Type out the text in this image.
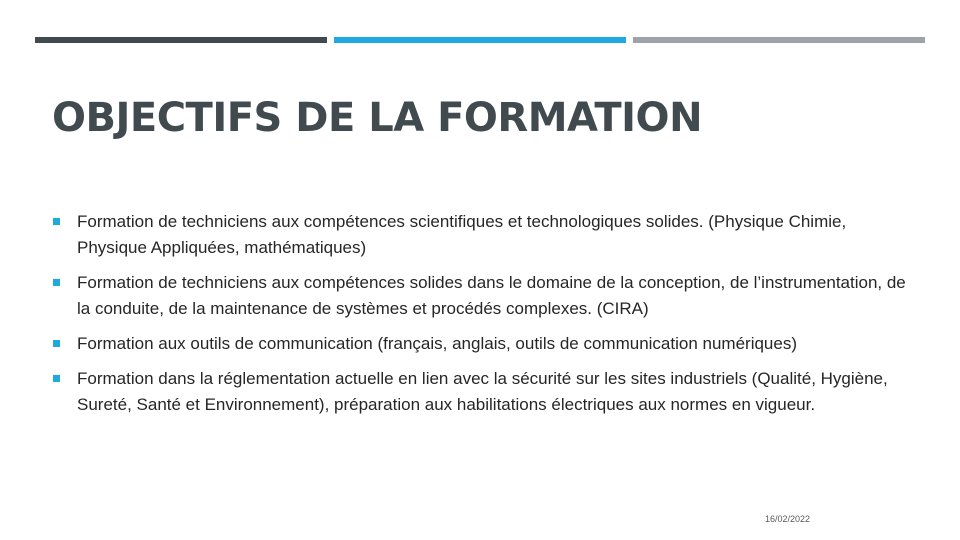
OBJECTIFS DE LA FORMATION
Formation de techniciens aux compétences scientifiques et technologiques solides. (Physique Chimie, Physique Appliquées, mathématiques)
Formation de techniciens aux compétences solides dans le domaine de la conception, de l’instrumentation, de la conduite, de la maintenance de systèmes et procédés complexes. (CIRA)
Formation aux outils de communication (français, anglais, outils de communication numériques)
Formation dans la réglementation actuelle en lien avec la sécurité sur les sites industriels (Qualité, Hygiène, Sureté, Santé et Environnement), préparation aux habilitations électriques aux normes en vigueur.
16/02/2022
